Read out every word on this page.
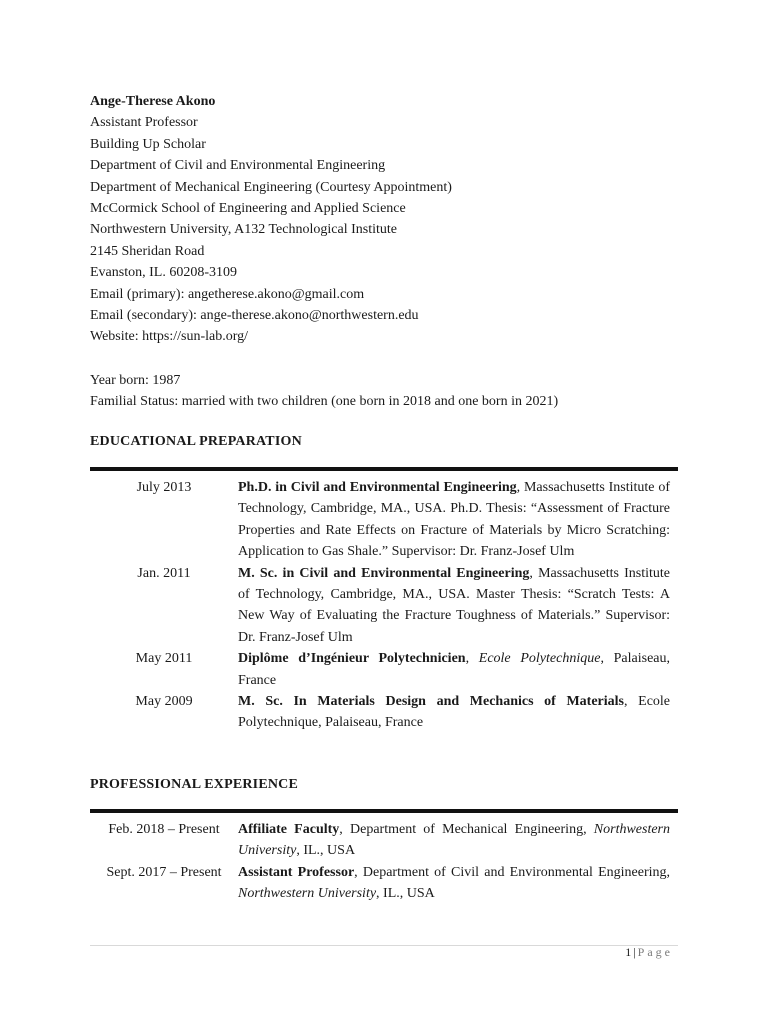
Ange-Therese Akono
Assistant Professor
Building Up Scholar
Department of Civil and Environmental Engineering
Department of Mechanical Engineering (Courtesy Appointment)
McCormick School of Engineering and Applied Science
Northwestern University, A132 Technological Institute
2145 Sheridan Road
Evanston, IL. 60208-3109
Email (primary): angetherese.akono@gmail.com
Email (secondary): ange-therese.akono@northwestern.edu
Website: https://sun-lab.org/
Year born: 1987
Familial Status: married with two children (one born in 2018 and one born in 2021)
EDUCATIONAL PREPARATION
July 2013	Ph.D. in Civil and Environmental Engineering, Massachusetts Institute of Technology, Cambridge, MA., USA. Ph.D. Thesis: “Assessment of Fracture Properties and Rate Effects on Fracture of Materials by Micro Scratching: Application to Gas Shale.” Supervisor: Dr. Franz-Josef Ulm
Jan. 2011	M. Sc. in Civil and Environmental Engineering, Massachusetts Institute of Technology, Cambridge, MA., USA. Master Thesis: “Scratch Tests: A New Way of Evaluating the Fracture Toughness of Materials.” Supervisor: Dr. Franz-Josef Ulm
May 2011	Diplôme d’Ingénieur Polytechnicien, Ecole Polytechnique, Palaiseau, France
May 2009	M. Sc. In Materials Design and Mechanics of Materials, Ecole Polytechnique, Palaiseau, France
PROFESSIONAL EXPERIENCE
Feb. 2018 – Present	Affiliate Faculty, Department of Mechanical Engineering, Northwestern University, IL., USA
Sept. 2017 – Present	Assistant Professor, Department of Civil and Environmental Engineering, Northwestern University, IL., USA
1 | Page
